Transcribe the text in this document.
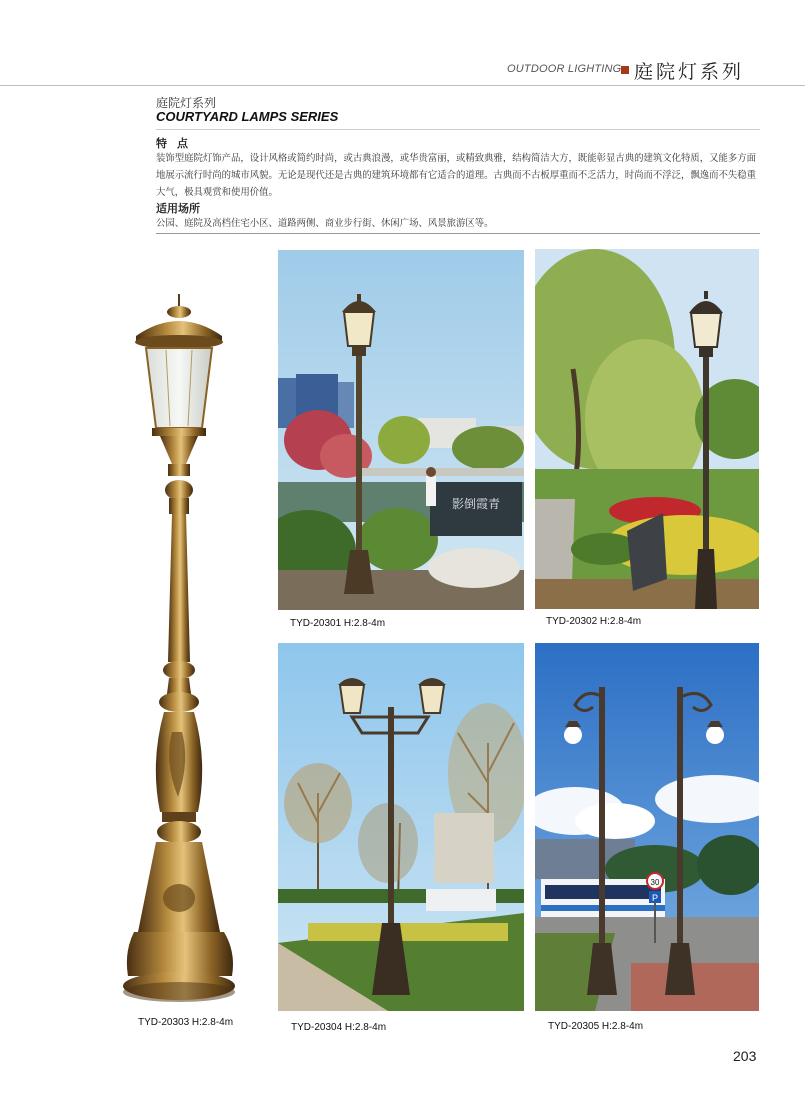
OUTDOOR LIGHTING 庭院灯系列
庭院灯系列
COURTYARD LAMPS SERIES
特点
装饰型庭院灯饰产品，设计风格或简约时尚，或古典浪漫，或华贵富丽，或精致典雅，结构简洁大方，既能彰显古典的建筑文化特质，又能多方面地展示流行时尚的城市风貌。无论是现代还是古典的建筑环境都有它适合的道理。古典而不古板厚重而不乏活力，时尚而不浮泛，飘逸而不失稳重大气，极具观赏和使用价值。
适用场所
公园、庭院及高档住宅小区、道路两侧、商业步行街、休闲广场、风景旅游区等。
TYD-20303 H:2.8-4m
影倒霞青
TYD-20301 H:2.8-4m	TYD-20302 H:2.8-4m
TYD-20304 H:2.8-4m
30
P
TYD-20305 H:2.8-4m
203
